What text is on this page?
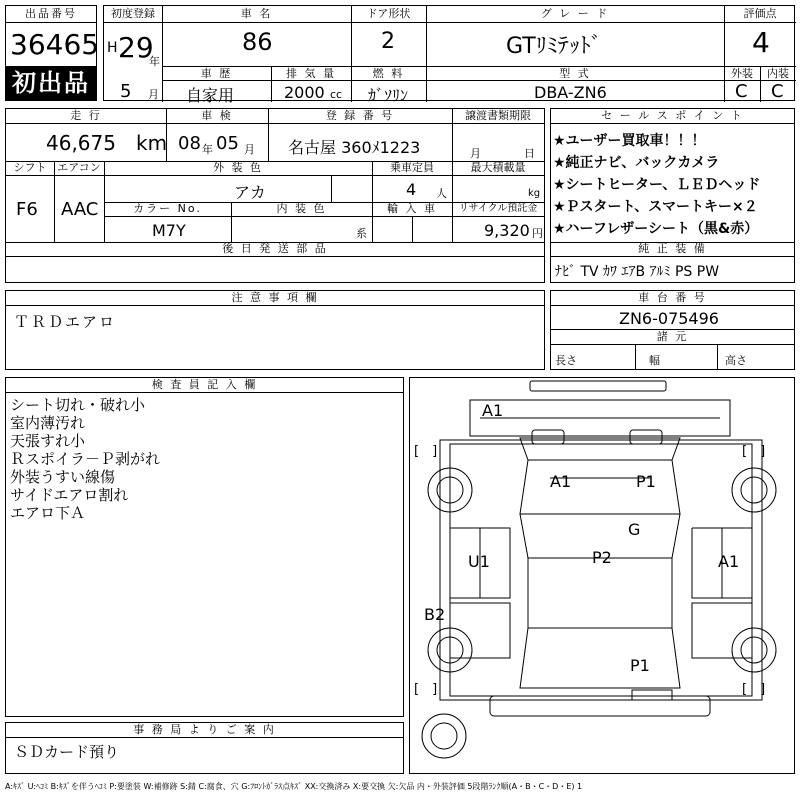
出品番号
36465
初出品
初度登録
H 29
年
5 月
車 名
86
ドア形状
2
グ レ ー ド
GTﾘﾐﾃｯﾄﾞ
車 歴
自家用
排 気 量
2000 cc
燃 料
ｶﾞｿﾘﾝ
型 式
DBA-ZN6
評価点
4
外装	内装
C C
走 行
46,675 km
車 検
08 年 05 月
登 録 番 号
名古屋 360ﾒ1223
譲渡書類期限
月	日
シフト
F6
エアコン
AAC
外 装 色
アカ
乗車定員
4 人
最大積載量
kg
カラー No.
M7Y
内 装 色
系
輸 入 車	リサイクル預託金
9,320 円
後 日 発 送 部 品
セ ー ル ス ポ イ ン ト
★ユーザー買取車！！！
★純正ナビ、バックカメラ
★シートヒーター、ＬＥＤヘッド
★Ｐスタート、スマートキー×２
★ハーフレザーシート（黒&赤）
純 正 装 備
ﾅﾋﾞ TV ｶﾜ ｴｱB ｱﾙﾐ PS PW
注 意 事 項 欄
ＴＲＤエアロ
車 台 番 号
ZN6-075496
諸 元
長さ	幅	高さ
検 査 員 記 入 欄
シート切れ・破れ小
室内薄汚れ
天張すれ小
Ｒスポイラ－Ｐ剥がれ
外装うすい線傷
サイドエアロ割れ
エアロ下Ａ
事 務 局 よ り ご 案 内
ＳＤカード預り
[　]	[　]
[　]	[　]
A1
A1	P1
G
U1	P2	A1
B2
P1
A:ｷｽﾞ U:ﾍｺﾐ B:ｷｽﾞを伴うﾍｺﾐ P:要塗装 W:補修跡 S:錆 C:腐食、穴 G:ﾌﾛﾝﾄｶﾞﾗｽ点ｷｽﾞ XX:交換済み X:要交換 欠:欠品 内・外装評価 5段階ﾗﾝｸ順(A・B・C・D・E) 1
